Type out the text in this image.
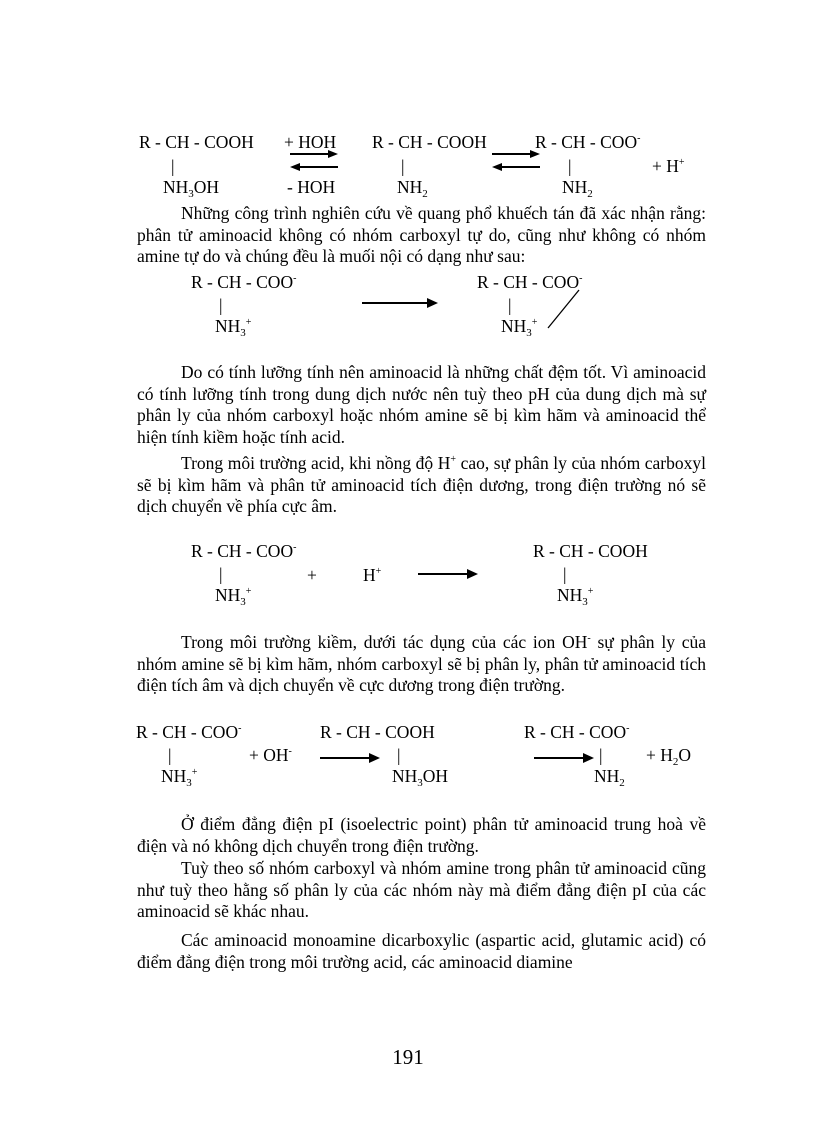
R - CH - COOH
|
$NH_3OH$
+ HOH
- HOH
R - CH - COOH
|
$NH_2$
R - CH - COO-
|
$NH_2$
+ H+
Những công trình nghiên cứu về quang phổ khuếch tán đã xác nhận rằng: phân tử aminoacid không có nhóm carboxyl tự do, cũng như không có nhóm amine tự do và chúng đều là muối nội có dạng như sau:
R - CH - COO-
|
$NH_3^+$
R - CH - COO-
|
$NH_3^+$
Do có tính lưỡng tính nên aminoacid là những chất đệm tốt. Vì aminoacid có tính lưỡng tính trong dung dịch nước nên tuỳ theo pH của dung dịch mà sự phân ly của nhóm carboxyl hoặc nhóm amine sẽ bị kìm hãm và aminoacid thể hiện tính kiềm hoặc tính acid.
Trong môi trường acid, khi nồng độ H+ cao, sự phân ly của nhóm carboxyl sẽ bị kìm hãm và phân tử aminoacid tích điện dương, trong điện trường nó sẽ dịch chuyển về phía cực âm.
R - CH - COO-
|
$NH_3^+$
+	H+
R - CH - COOH
|
$NH_3^+$
Trong môi trường kiềm, dưới tác dụng của các ion OH- sự phân ly của nhóm amine sẽ bị kìm hãm, nhóm carboxyl sẽ bị phân ly, phân tử aminoacid tích điện tích âm và dịch chuyển về cực dương trong điện trường.
R - CH - COO-
|
$NH_3^+$
+ OH-
R - CH - COOH
|
$NH_3OH$
R - CH - COO-
|
$NH_2$
+ $H_2O$
Ở điểm đẳng điện pI (isoelectric point) phân tử aminoacid trung hoà về điện và nó không dịch chuyển trong điện trường.
Tuỳ theo số nhóm carboxyl và nhóm amine trong phân tử aminoacid cũng như tuỳ theo hằng số phân ly của các nhóm này mà điểm đẳng điện pI của các aminoacid sẽ khác nhau.
Các aminoacid monoamine dicarboxylic (aspartic acid, glutamic acid) có điểm đẳng điện trong môi trường acid, các aminoacid diamine
191
